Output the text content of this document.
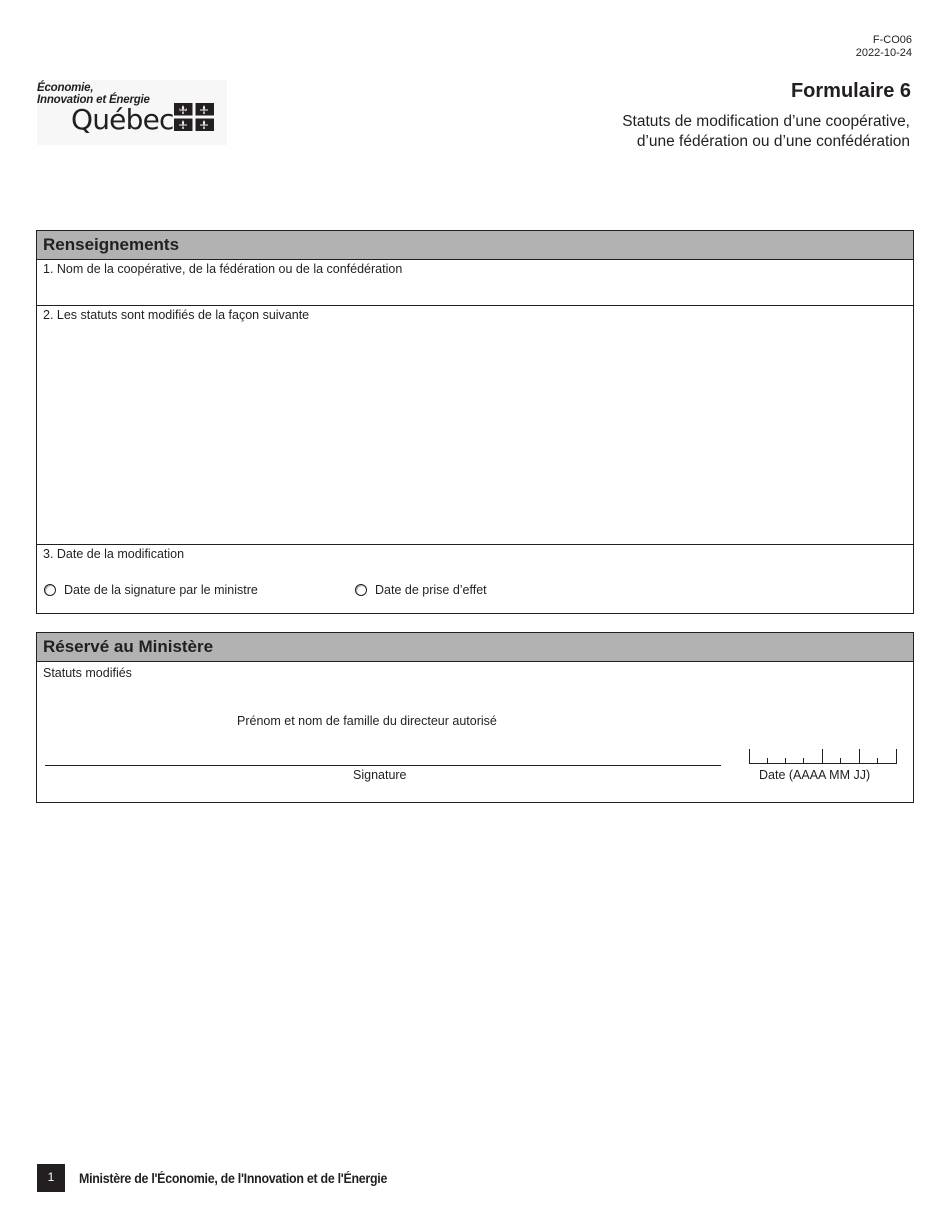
F-CO06
2022-10-24
Économie,
Innovation et Énergie
Québec
Formulaire 6
Statuts de modification d’une coopérative,
d’une fédération ou d’une confédération
Renseignements
1. Nom de la coopérative, de la fédération ou de la confédération
2. Les statuts sont modifiés de la façon suivante
3. Date de la modification
Date de la signature par le ministre	Date de prise d’effet
Réservé au Ministère
Statuts modifiés
Prénom et nom de famille du directeur autorisé
Signature	Date (AAAA MM JJ)
1	Ministère de l'Économie, de l'Innovation et de l'Énergie
